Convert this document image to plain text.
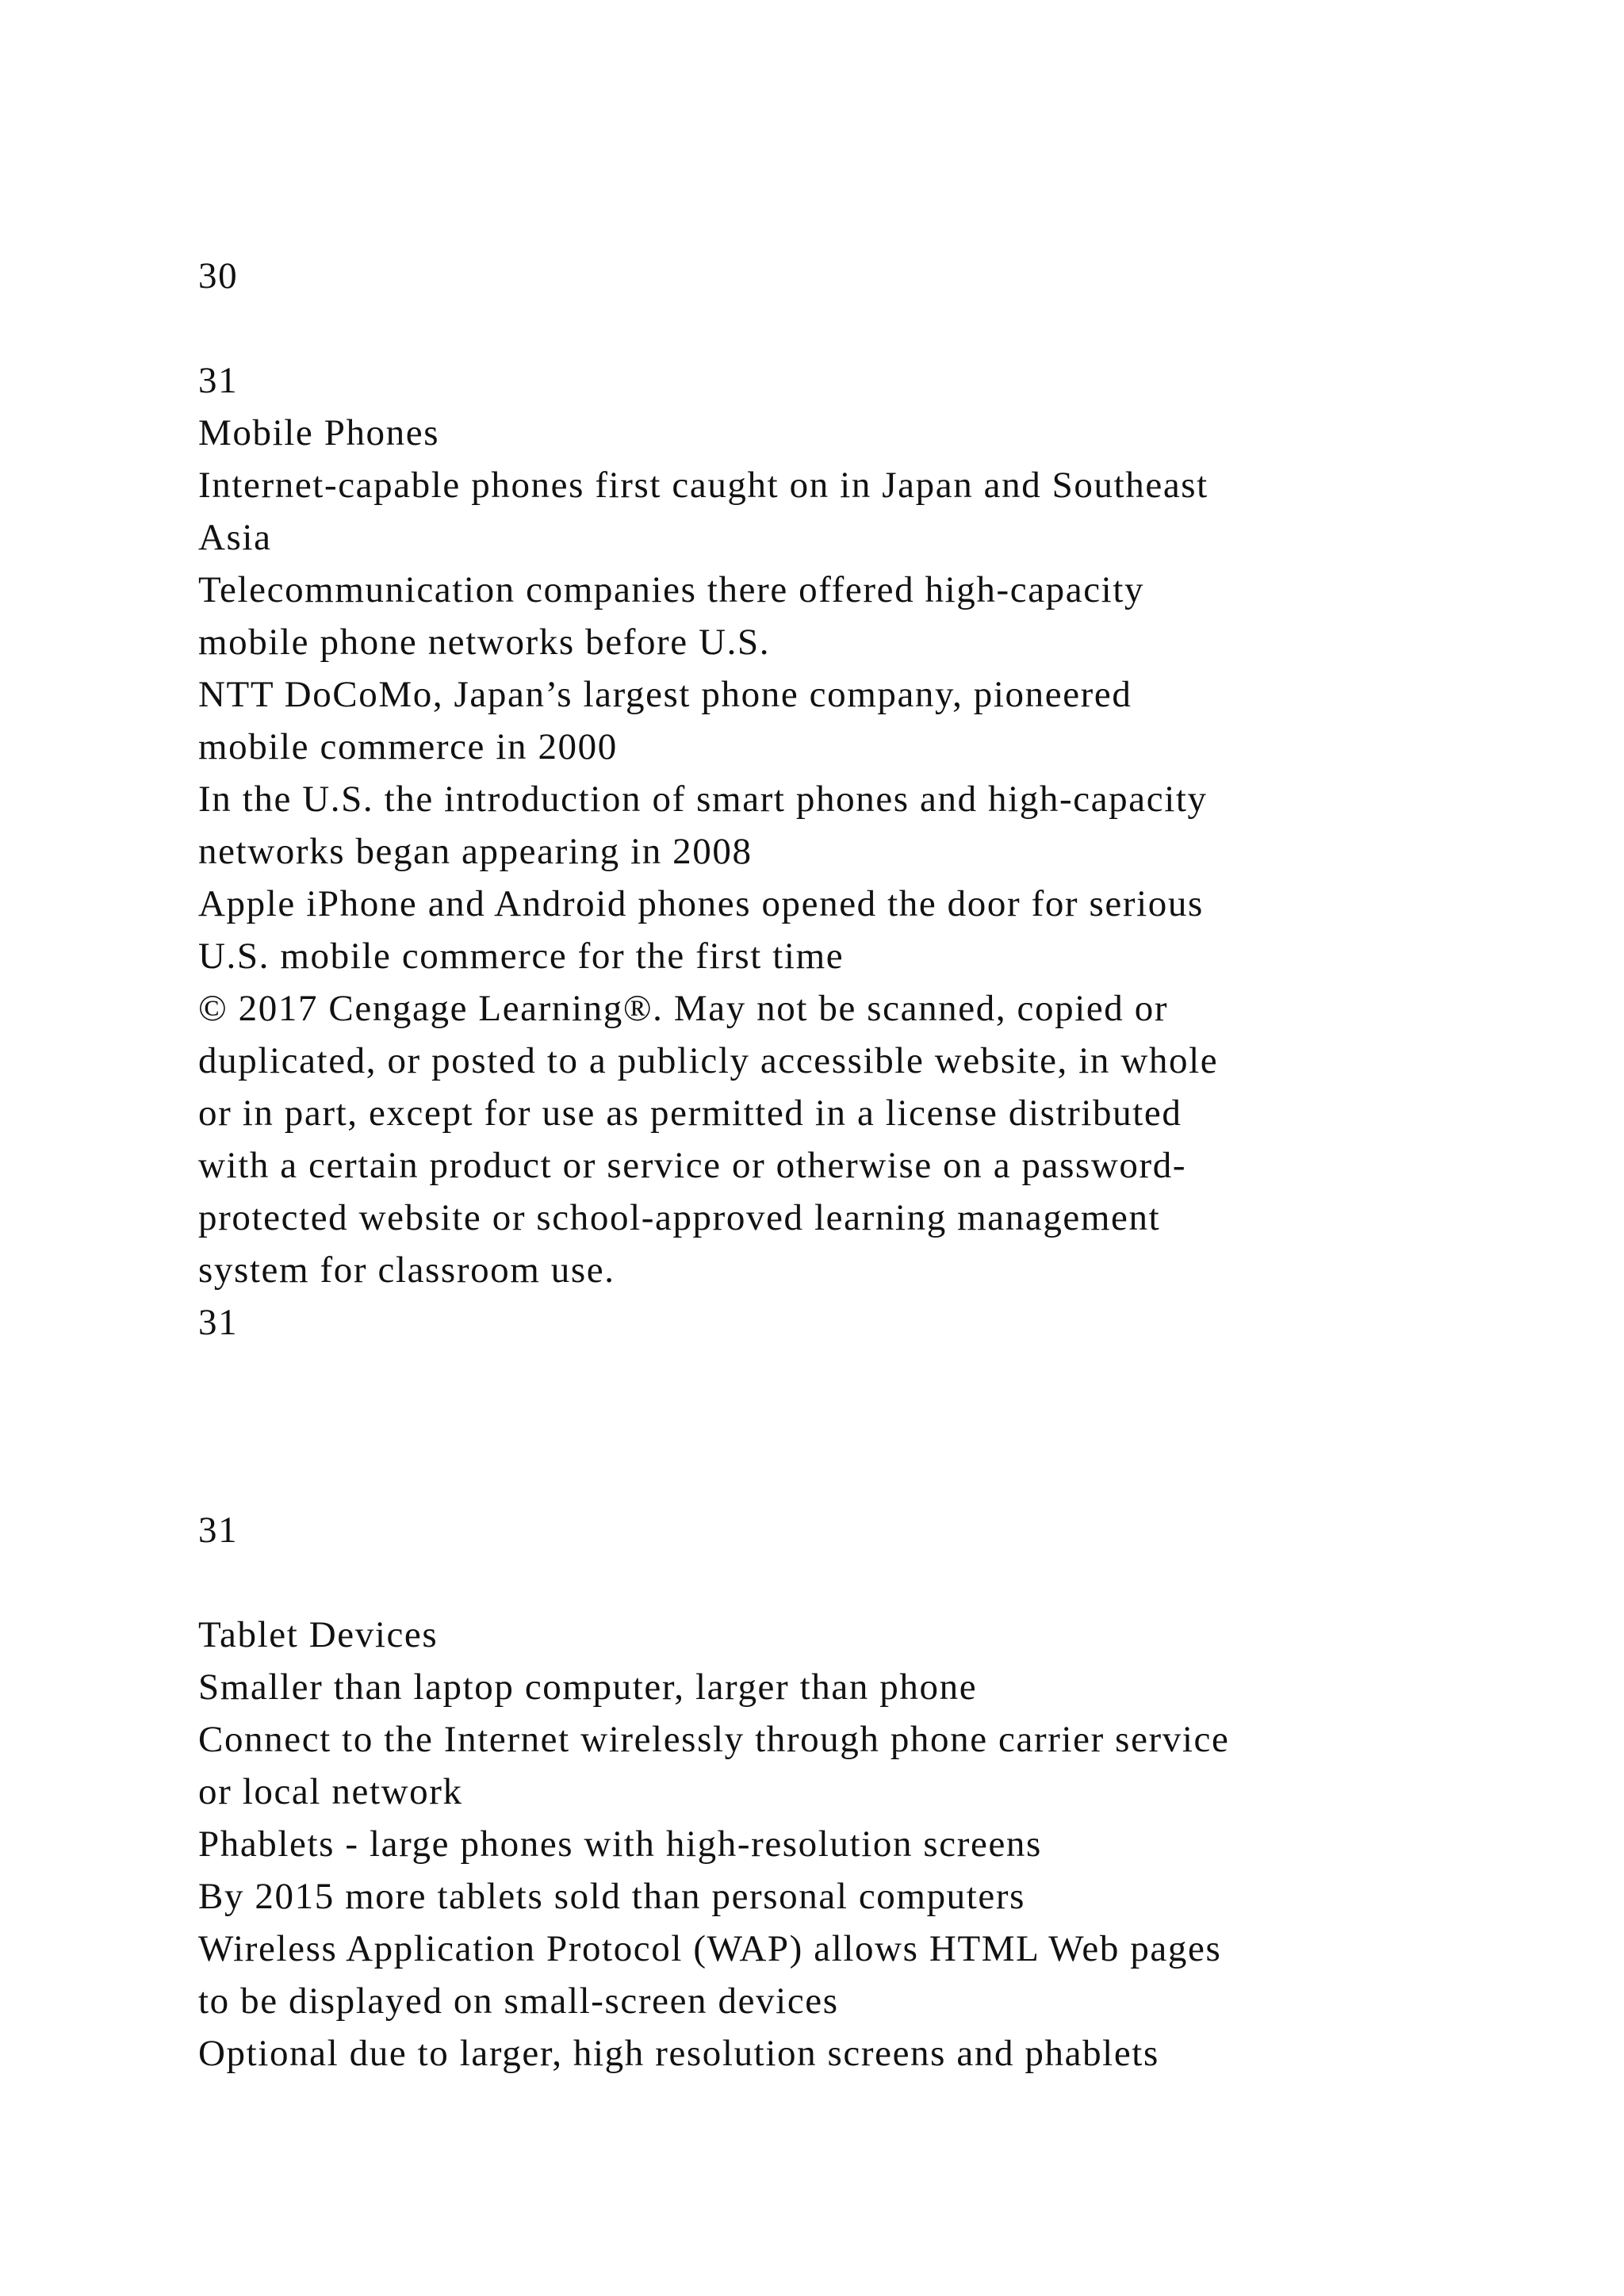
30
31
Mobile Phones
Internet-capable phones first caught on in Japan and Southeast
Asia
Telecommunication companies there offered high-capacity
mobile phone networks before U.S.
NTT DoCoMo, Japan’s largest phone company, pioneered
mobile commerce in 2000
In the U.S. the introduction of smart phones and high-capacity
networks began appearing in 2008
Apple iPhone and Android phones opened the door for serious
U.S. mobile commerce for the first time
© 2017 Cengage Learning®. May not be scanned, copied or
duplicated, or posted to a publicly accessible website, in whole
or in part, except for use as permitted in a license distributed
with a certain product or service or otherwise on a password-
protected website or school-approved learning management
system for classroom use.
31
31
Tablet Devices
Smaller than laptop computer, larger than phone
Connect to the Internet wirelessly through phone carrier service
or local network
Phablets - large phones with high-resolution screens
By 2015 more tablets sold than personal computers
Wireless Application Protocol (WAP) allows HTML Web pages
to be displayed on small-screen devices
Optional due to larger, high resolution screens and phablets
